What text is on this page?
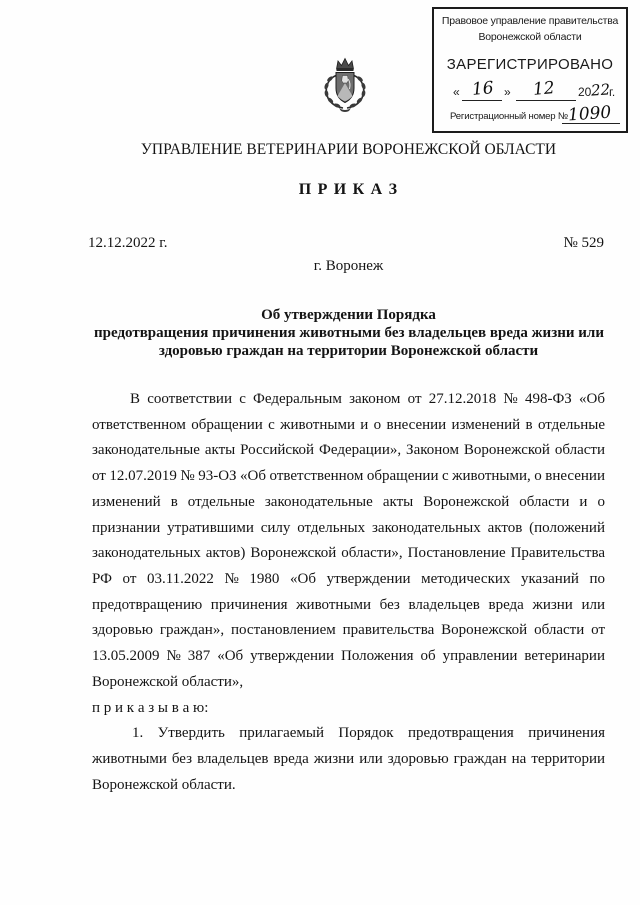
Правовое управление правительства
Воронежской области
ЗАРЕГИСТРИРОВАНО
« 16 » 12 20 22
г.
Регистрационный номер № 1090
УПРАВЛЕНИЕ ВЕТЕРИНАРИИ ВОРОНЕЖСКОЙ ОБЛАСТИ
П Р И К А З
12.12.2022 г.	№ 529
г. Воронеж
Об утверждении Порядка
предотвращения причинения животными без владельцев вреда жизни или
здоровью граждан на территории Воронежской области
В соответствии с Федеральным законом от 27.12.2018 № 498-ФЗ «Об
ответственном обращении с животными и о внесении изменений в отдельные
законодательные акты Российской Федерации», Законом Воронежской области
от 12.07.2019 № 93-ОЗ «Об ответственном обращении с животными, о внесении
изменений в отдельные законодательные акты Воронежской области и о
признании утратившими силу отдельных законодательных актов (положений
законодательных актов) Воронежской области», Постановление Правительства
РФ от 03.11.2022 № 1980 «Об утверждении методических указаний по
предотвращению причинения животными без владельцев вреда жизни или
здоровью граждан», постановлением правительства Воронежской области от
13.05.2009 № 387 «Об утверждении Положения об управлении ветеринарии
Воронежской области»,
п р и к а з ы в а ю:
1. Утвердить прилагаемый Порядок предотвращения причинения
животными без владельцев вреда жизни или здоровью граждан на территории
Воронежской области.
